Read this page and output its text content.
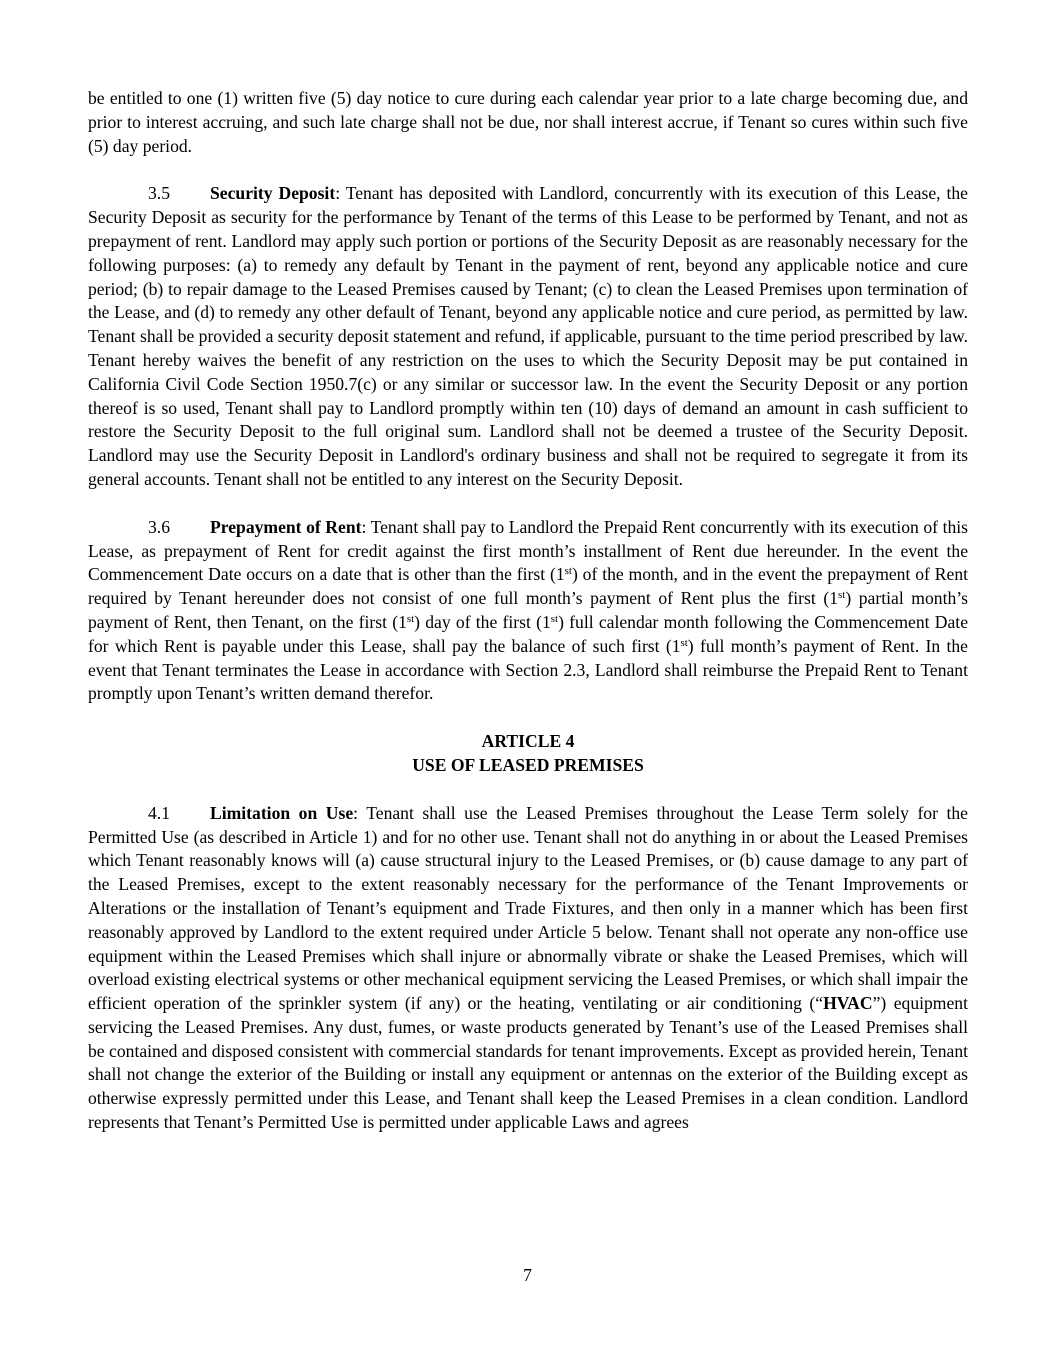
be entitled to one (1) written five (5) day notice to cure during each calendar year prior to a late charge becoming due, and prior to interest accruing, and such late charge shall not be due, nor shall interest accrue, if Tenant so cures within such five (5) day period.

3.5 Security Deposit: Tenant has deposited with Landlord, concurrently with its execution of this Lease, the Security Deposit as security for the performance by Tenant of the terms of this Lease to be performed by Tenant, and not as prepayment of rent. Landlord may apply such portion or portions of the Security Deposit as are reasonably necessary for the following purposes: (a) to remedy any default by Tenant in the payment of rent, beyond any applicable notice and cure period; (b) to repair damage to the Leased Premises caused by Tenant; (c) to clean the Leased Premises upon termination of the Lease, and (d) to remedy any other default of Tenant, beyond any applicable notice and cure period, as permitted by law. Tenant shall be provided a security deposit statement and refund, if applicable, pursuant to the time period prescribed by law. Tenant hereby waives the benefit of any restriction on the uses to which the Security Deposit may be put contained in California Civil Code Section 1950.7(c) or any similar or successor law. In the event the Security Deposit or any portion thereof is so used, Tenant shall pay to Landlord promptly within ten (10) days of demand an amount in cash sufficient to restore the Security Deposit to the full original sum. Landlord shall not be deemed a trustee of the Security Deposit. Landlord may use the Security Deposit in Landlord's ordinary business and shall not be required to segregate it from its general accounts. Tenant shall not be entitled to any interest on the Security Deposit.

3.6 Prepayment of Rent: Tenant shall pay to Landlord the Prepaid Rent concurrently with its execution of this Lease, as prepayment of Rent for credit against the first month’s installment of Rent due hereunder. In the event the Commencement Date occurs on a date that is other than the first (1st) of the month, and in the event the prepayment of Rent required by Tenant hereunder does not consist of one full month’s payment of Rent plus the first (1st) partial month’s payment of Rent, then Tenant, on the first (1st) day of the first (1st) full calendar month following the Commencement Date for which Rent is payable under this Lease, shall pay the balance of such first (1st) full month’s payment of Rent. In the event that Tenant terminates the Lease in accordance with Section 2.3, Landlord shall reimburse the Prepaid Rent to Tenant promptly upon Tenant’s written demand therefor.

ARTICLE 4
USE OF LEASED PREMISES

4.1 Limitation on Use: Tenant shall use the Leased Premises throughout the Lease Term solely for the Permitted Use (as described in Article 1) and for no other use. Tenant shall not do anything in or about the Leased Premises which Tenant reasonably knows will (a) cause structural injury to the Leased Premises, or (b) cause damage to any part of the Leased Premises, except to the extent reasonably necessary for the performance of the Tenant Improvements or Alterations or the installation of Tenant’s equipment and Trade Fixtures, and then only in a manner which has been first reasonably approved by Landlord to the extent required under Article 5 below. Tenant shall not operate any non-office use equipment within the Leased Premises which shall injure or abnormally vibrate or shake the Leased Premises, which will overload existing electrical systems or other mechanical equipment servicing the Leased Premises, or which shall impair the efficient operation of the sprinkler system (if any) or the heating, ventilating or air conditioning (“HVAC”) equipment servicing the Leased Premises. Any dust, fumes, or waste products generated by Tenant’s use of the Leased Premises shall be contained and disposed consistent with commercial standards for tenant improvements. Except as provided herein, Tenant shall not change the exterior of the Building or install any equipment or antennas on the exterior of the Building except as otherwise expressly permitted under this Lease, and Tenant shall keep the Leased Premises in a clean condition. Landlord represents that Tenant’s Permitted Use is permitted under applicable Laws and agrees

7
